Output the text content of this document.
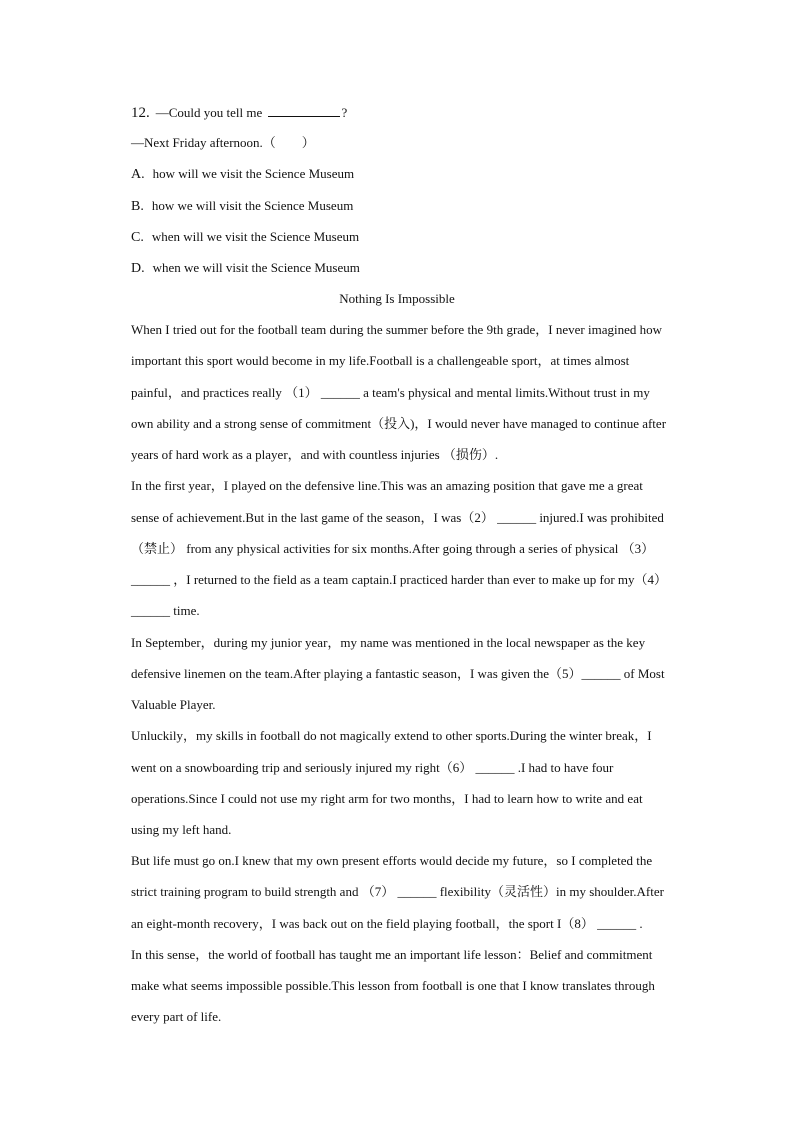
12. —Could you tell me	?
—Next Friday afternoon.（　　）
A. how will we visit the Science Museum
B. how we will visit the Science Museum
C. when will we visit the Science Museum
D. when we will visit the Science Museum
Nothing Is Impossible
When I tried out for the football team during the summer before the 9th grade，I never imagined how
important this sport would become in my life.Football is a challengeable sport，at times almost
painful，and practices really （1） ______ a team's physical and mental limits.Without trust in my
own ability and a strong sense of commitment（投入)，I would never have managed to continue after
years of hard work as a player，and with countless injuries （损伤）.
In the first year，I played on the defensive line.This was an amazing position that gave me a great
sense of achievement.But in the last game of the season，I was（2） ______ injured.I was prohibited
（禁止） from any physical activities for six months.After going through a series of physical （3）
______ ，I returned to the field as a team captain.I practiced harder than ever to make up for my（4）
______ time.
In September，during my junior year，my name was mentioned in the local newspaper as the key
defensive linemen on the team.After playing a fantastic season，I was given the（5）______ of Most
Valuable Player.
Unluckily，my skills in football do not magically extend to other sports.During the winter break，I
went on a snowboarding trip and seriously injured my right（6） ______ .I had to have four
operations.Since I could not use my right arm for two months，I had to learn how to write and eat
using my left hand.
But life must go on.I knew that my own present efforts would decide my future，so I completed the
strict training program to build strength and （7） ______ flexibility（灵活性）in my shoulder.After
an eight-month recovery，I was back out on the field playing football，the sport I（8） ______ .
In this sense，the world of football has taught me an important life lesson：Belief and commitment
make what seems impossible possible.This lesson from football is one that I know translates through
every part of life.
